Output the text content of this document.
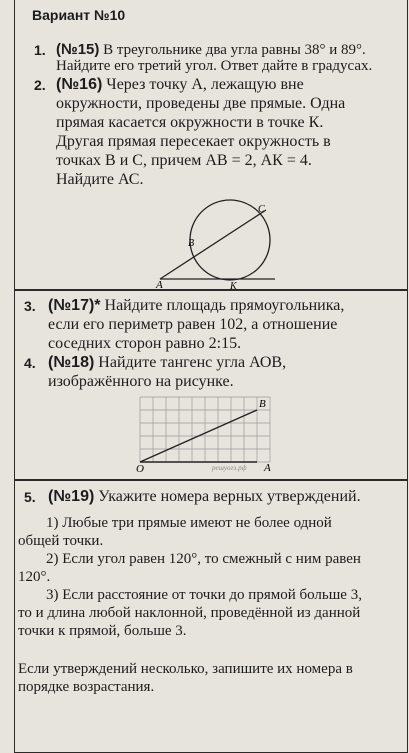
Вариант №10
1. (№15) В треугольнике два угла равны 38° и 89°.
Найдите его третий угол. Ответ дайте в градусах.
2. (№16) Через точку А, лежащую вне
окружности, проведены две прямые. Одна
прямая касается окружности в точке К.
Другая прямая пересекает окружность в
точках В и С, причем АВ = 2, АК = 4.
Найдите АС.
A
B
C
K
3. (№17)* Найдите площадь прямоугольника,
если его периметр равен 102, а отношение
соседних сторон равно 2:15.
4. (№18) Найдите тангенс угла АОВ,
изображённого на рисунке.
O
B
решуогэ.рф A
5. (№19) Укажите номера верных утверждений.
1) Любые три прямые имеют не более одной
общей точки.
2) Если угол равен 120°, то смежный с ним равен
120°.
3) Если расстояние от точки до прямой больше 3,
то и длина любой наклонной, проведённой из данной
точки к прямой, больше 3.
Если утверждений несколько, запишите их номера в
порядке возрастания.
